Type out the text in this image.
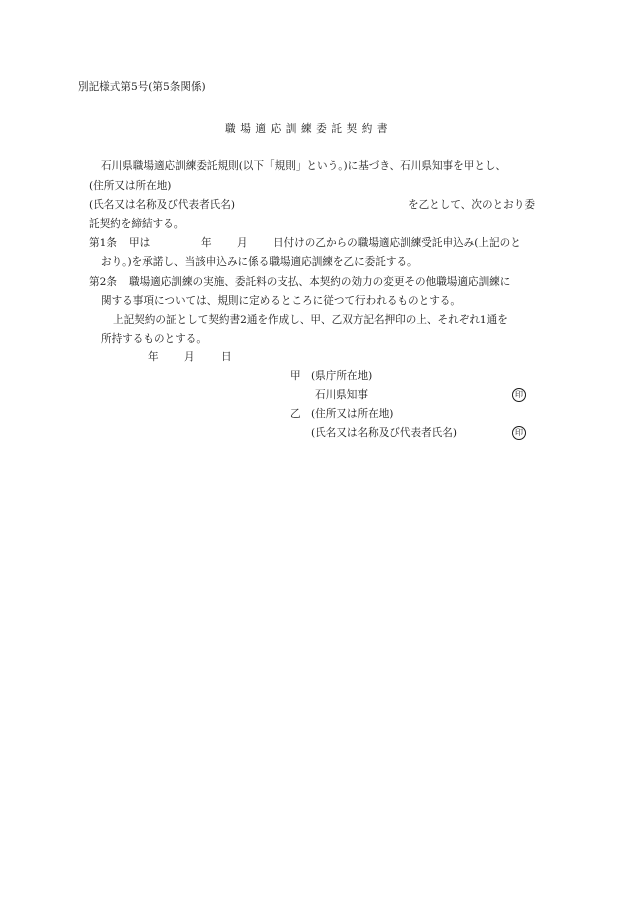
別記様式第5号(第5条関係)
職場適応訓練委託契約書
石川県職場適応訓練委託規則(以下「規則」という。)に基づき、石川県知事を甲とし、
(住所又は所在地)
(氏名又は名称及び代表者氏名)	を乙として、次のとおり委
託契約を締結する。
第1条 甲は	年 月 日付けの乙からの職場適応訓練受託申込み(上記のと
おり。)を承諾し、当該申込みに係る職場適応訓練を乙に委託する。
第2条 職場適応訓練の実施、委託料の支払、本契約の効力の変更その他職場適応訓練に
関する事項については、規則に定めるところに従つて行われるものとする。
上記契約の証として契約書2通を作成し、甲、乙双方記名押印の上、それぞれ1通を
所持するものとする。
年 月 日
甲 (県庁所在地)
石川県知事	印
乙 (住所又は所在地)
(氏名又は名称及び代表者氏名)	印
